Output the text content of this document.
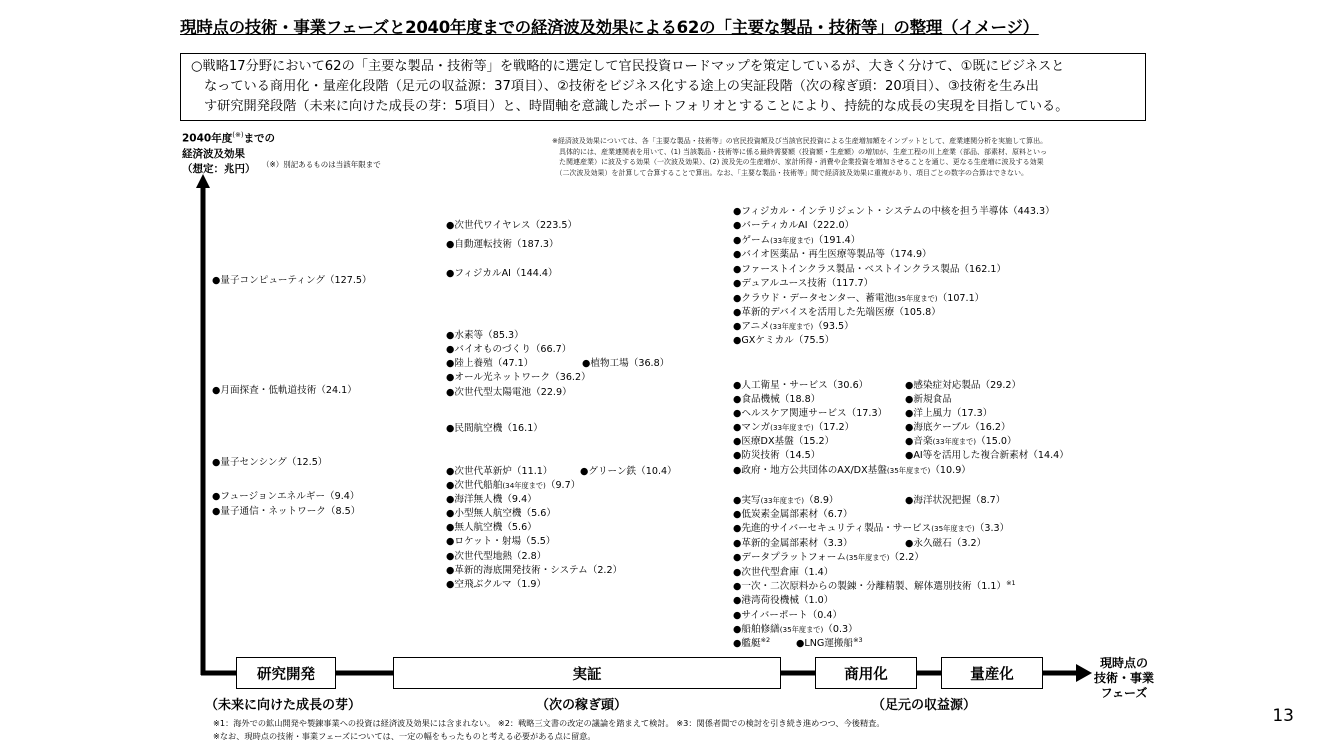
現時点の技術・事業フェーズと2040年度までの経済波及効果による62の「主要な製品・技術等」の整理（イメージ）
○戦略17分野において62の「主要な製品・技術等」を戦略的に選定して官民投資ロードマップを策定しているが、大きく分けて、①既にビジネスと
なっている商用化・量産化段階（足元の収益源：37項目）、②技術をビジネス化する途上の実証段階（次の稼ぎ頭：20項目）、③技術を生み出
す研究開発段階（未来に向けた成長の芽：5項目）と、時間軸を意識したポートフォリオとすることにより、持続的な成長の実現を目指している。
2040年度(※)までの
経済波及効果
（想定：兆円） （※）別記あるものは当該年限まで
※経済波及効果については、各「主要な製品・技術等」の官民投資額及び当該官民投資による生産増加額をインプットとして、産業連関分析を実施して算出。
　具体的には、産業連関表を用いて、(1) 当該製品・技術等に係る最終需要額（投資額・生産額）の増加が、生産工程の川上産業（部品、部素材、原料といっ
　た関連産業）に波及する効果（一次波及効果）、(2) 波及先の生産増が、家計所得・消費や企業投資を増加させることを通じ、更なる生産増に波及する効果
　（二次波及効果）を計算して合算することで算出。なお、「主要な製品・技術等」間で経済波及効果に重複があり、項目ごとの数字の合算はできない。
●量子コンピューティング（127.5）
●月面探査・低軌道技術（24.1）
●量子センシング（12.5）
●フュージョンエネルギー（9.4）
●量子通信・ネットワーク（8.5）
●次世代ワイヤレス（223.5）
●自動運転技術（187.3）
●フィジカルAI（144.4）
●水素等（85.3）
●バイオものづくり（66.7）
●陸上養殖（47.1）	●植物工場（36.8）
●オール光ネットワーク（36.2）
●次世代型太陽電池（22.9）
●民間航空機（16.1）
●次世代革新炉（11.1）	●グリーン鉄（10.4）
●次世代船舶(34年度まで)（9.7）
●海洋無人機（9.4）
●小型無人航空機（5.6）
●無人航空機（5.6）
●ロケット・射場（5.5）
●次世代型地熱（2.8）
●革新的海底開発技術・システム（2.2）
●空飛ぶクルマ（1.9）
●フィジカル・インテリジェント・システムの中核を担う半導体（443.3）
●バーティカルAI（222.0）
●ゲーム(33年度まで)（191.4）
●バイオ医薬品・再生医療等製品等（174.9）
●ファーストインクラス製品・ベストインクラス製品（162.1）
●デュアルユース技術（117.7）
●クラウド・データセンター、蓄電池(35年度まで)（107.1）
●革新的デバイスを活用した先端医療（105.8）
●アニメ(33年度まで)（93.5）
●GXケミカル（75.5）
●人工衛星・サービス（30.6）	●感染症対応製品（29.2）
●食品機械（18.8）	●新規食品
●ヘルスケア関連サービス（17.3） ●洋上風力（17.3）
●マンガ(33年度まで)（17.2）	●海底ケーブル（16.2）
●医療DX基盤（15.2）	●音楽(33年度まで)（15.0）
●防災技術（14.5）	●AI等を活用した複合新素材（14.4）
●政府・地方公共団体のAX/DX基盤(35年度まで)（10.9）
●実写(33年度まで)（8.9）	●海洋状況把握（8.7）
●低炭素金属部素材（6.7）
●先進的サイバーセキュリティ製品・サービス(35年度まで)（3.3）
●革新的金属部素材（3.3）	●永久磁石（3.2）
●データプラットフォーム(35年度まで)（2.2）
●次世代型倉庫（1.4）
●一次・二次原料からの製錬・分離精製、解体選別技術$(1.1)^{※1}$
●港湾荷役機械（1.0）
●サイバーポート（0.4）
●船舶修繕(35年度まで)（0.3）
●艦艇$^{※2}$	●LNG運搬船$^{※3}$
研究開発	実証	商用化	量産化
現時点の
技術・事業
フェーズ
（未来に向けた成長の芽）	（次の稼ぎ頭）	（足元の収益源）
※1：海外での鉱山開発や製錬事業への投資は経済波及効果には含まれない。 ※2：戦略三文書の改定の議論を踏まえて検討。 ※3：関係者間での検討を引き続き進めつつ、今後精査。
※なお、現時点の技術・事業フェーズについては、一定の幅をもったものと考える必要がある点に留意。
13
